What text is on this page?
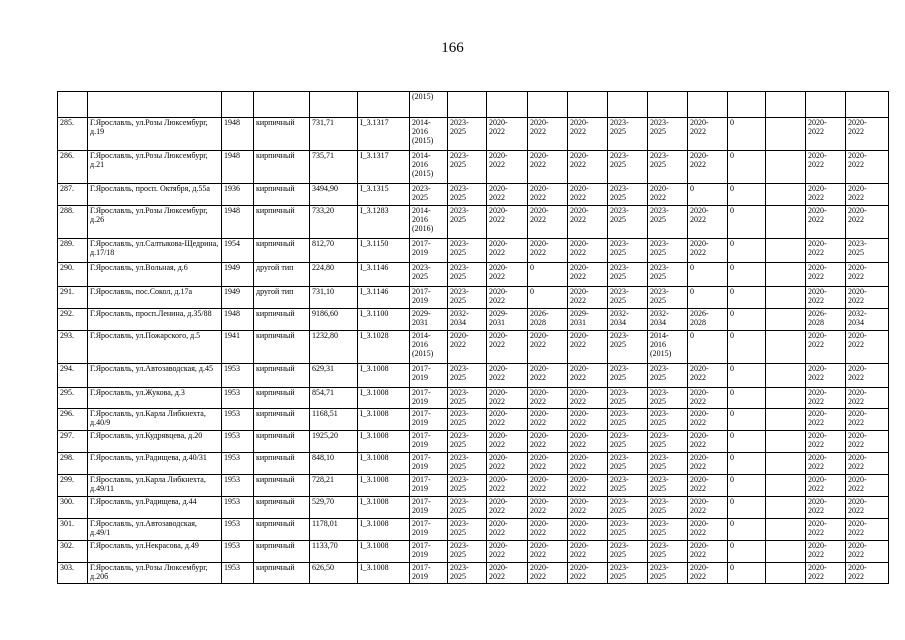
166

						(2015)											

285.	Г.Ярославль, ул.Розы Люксембург, д.19	1948	кирпичный	731,71	I_3.1317	2014-
2016
(2015)	2023-
2025	2020-
2022	2020-
2022	2020-
2022	2023-
2025	2023-
2025	2020-
2022	0		2020-
2022	2020-
2022

286.	Г.Ярославль, ул.Розы Люксембург, д.21	1948	кирпичный	735,71	I_3.1317	2014-
2016
(2015)	2023-
2025	2020-
2022	2020-
2022	2020-
2022	2023-
2025	2023-
2025	2020-
2022	0		2020-
2022	2020-
2022

287.	Г.Ярославль, просп. Октября, д.55а	1936	кирпичный	3494,90	I_3.1315	2023-
2025	2023-
2025	2020-
2022	2020-
2022	2020-
2022	2023-
2025	2020-
2022	0	0		2020-
2022	2020-
2022

288.	Г.Ярославль, ул.Розы Люксембург, д.26	1948	кирпичный	733,20	I_3.1283	2014-
2016
(2016)	2023-
2025	2020-
2022	2020-
2022	2020-
2022	2023-
2025	2023-
2025	2020-
2022	0		2020-
2022	2020-
2022

289.	Г.Ярославль, ул.Салтыкова-Щедрина, д.17/18	1954	кирпичный	812,70	I_3.1150	2017-
2019	2023-
2025	2020-
2022	2020-
2022	2020-
2022	2023-
2025	2023-
2025	2020-
2022	0		2020-
2022	2023-
2025

290.	Г.Ярославль, ул.Вольная, д.6	1949	другой тип	224,80	I_3.1146	2023-
2025	2023-
2025	2020-
2022	0	2020-
2022	2023-
2025	2023-
2025	0	0		2020-
2022	2020-
2022

291.	Г.Ярославль, пос.Сокол, д.17а	1949	другой тип	731,10	I_3.1146	2017-
2019	2023-
2025	2020-
2022	0	2020-
2022	2023-
2025	2023-
2025	0	0		2020-
2022	2020-
2022

292.	Г.Ярославль, просп.Ленина, д.35/88	1948	кирпичный	9186,60	I_3.1100	2029-
2031	2032-
2034	2029-
2031	2026-
2028	2029-
2031	2032-
2034	2032-
2034	2026-
2028	0		2026-
2028	2032-
2034

293.	Г.Ярославль, ул.Пожарского, д.5	1941	кирпичный	1232,80	I_3.1028	2014-
2016
(2015)	2020-
2022	2020-
2022	2020-
2022	2020-
2022	2023-
2025	2014-
2016
(2015)	0	0		2020-
2022	2020-
2022

294.	Г.Ярославль, ул.Автозаводская, д.45	1953	кирпичный	629,31	I_3.1008	2017-
2019	2023-
2025	2020-
2022	2020-
2022	2020-
2022	2023-
2025	2023-
2025	2020-
2022	0		2020-
2022	2020-
2022

295.	Г.Ярославль, ул.Жукова, д.3	1953	кирпичный	854,71	I_3.1008	2017-
2019	2023-
2025	2020-
2022	2020-
2022	2020-
2022	2023-
2025	2023-
2025	2020-
2022	0		2020-
2022	2020-
2022

296.	Г.Ярославль, ул.Карла Либкнехта, д.40/9	1953	кирпичный	1168,51	I_3.1008	2017-
2019	2023-
2025	2020-
2022	2020-
2022	2020-
2022	2023-
2025	2023-
2025	2020-
2022	0		2020-
2022	2020-
2022

297.	Г.Ярославль, ул.Кудрявцева, д.20	1953	кирпичный	1925,20	I_3.1008	2017-
2019	2023-
2025	2020-
2022	2020-
2022	2020-
2022	2023-
2025	2023-
2025	2020-
2022	0		2020-
2022	2020-
2022

298.	Г.Ярославль, ул.Радищева, д.40/31	1953	кирпичный	848,10	I_3.1008	2017-
2019	2023-
2025	2020-
2022	2020-
2022	2020-
2022	2023-
2025	2023-
2025	2020-
2022	0		2020-
2022	2020-
2022

299.	Г.Ярославль, ул.Карла Либкнехта, д.49/11	1953	кирпичный	728,21	I_3.1008	2017-
2019	2023-
2025	2020-
2022	2020-
2022	2020-
2022	2023-
2025	2023-
2025	2020-
2022	0		2020-
2022	2020-
2022

300.	Г.Ярославль, ул.Радищева, д.44	1953	кирпичный	529,70	I_3.1008	2017-
2019	2023-
2025	2020-
2022	2020-
2022	2020-
2022	2023-
2025	2023-
2025	2020-
2022	0		2020-
2022	2020-
2022

301.	Г.Ярославль, ул.Автозаводская, д.49/1	1953	кирпичный	1178,01	I_3.1008	2017-
2019	2023-
2025	2020-
2022	2020-
2022	2020-
2022	2023-
2025	2023-
2025	2020-
2022	0		2020-
2022	2020-
2022

302.	Г.Ярославль, ул.Некрасова, д.49	1953	кирпичный	1133,70	I_3.1008	2017-
2019	2023-
2025	2020-
2022	2020-
2022	2020-
2022	2023-
2025	2023-
2025	2020-
2022	0		2020-
2022	2020-
2022

303.	Г.Ярославль, ул.Розы Люксембург, д.20б	1953	кирпичный	626,50	I_3.1008	2017-
2019	2023-
2025	2020-
2022	2020-
2022	2020-
2022	2023-
2025	2023-
2025	2020-
2022	0		2020-
2022	2020-
2022
